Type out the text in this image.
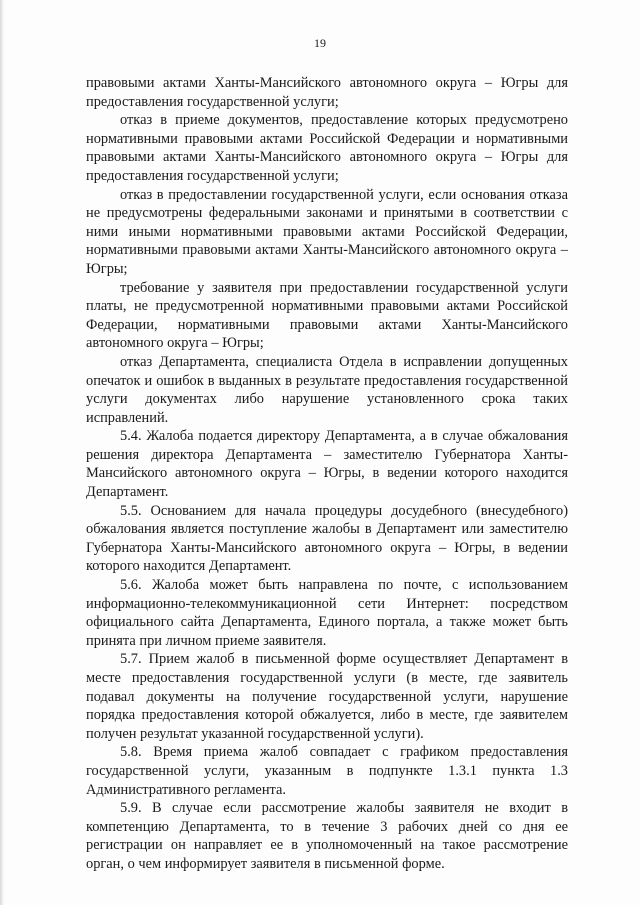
19

правовыми актами Ханты-Мансийского автономного округа – Югры для предоставления государственной услуги;

отказ в приеме документов, предоставление которых предусмотрено нормативными правовыми актами Российской Федерации и нормативными правовыми актами Ханты-Мансийского автономного округа – Югры для предоставления государственной услуги;

отказ в предоставлении государственной услуги, если основания отказа не предусмотрены федеральными законами и принятыми в соответствии с ними иными нормативными правовыми актами Российской Федерации, нормативными правовыми актами Ханты-Мансийского автономного округа – Югры;

требование у заявителя при предоставлении государственной услуги платы, не предусмотренной нормативными правовыми актами Российской Федерации, нормативными правовыми актами Ханты-Мансийского автономного округа – Югры;

отказ Департамента, специалиста Отдела в исправлении допущенных опечаток и ошибок в выданных в результате предоставления государственной услуги документах либо нарушение установленного срока таких исправлений.

5.4. Жалоба подается директору Департамента, а в случае обжалования решения директора Департамента – заместителю Губернатора Ханты-Мансийского автономного округа – Югры, в ведении которого находится Департамент.

5.5. Основанием для начала процедуры досудебного (внесудебного) обжалования является поступление жалобы в Департамент или заместителю Губернатора Ханты-Мансийского автономного округа – Югры, в ведении которого находится Департамент.

5.6. Жалоба может быть направлена по почте, с использованием информационно-телекоммуникационной сети Интернет: посредством официального сайта Департамента, Единого портала, а также может быть принята при личном приеме заявителя.

5.7. Прием жалоб в письменной форме осуществляет Департамент в месте предоставления государственной услуги (в месте, где заявитель подавал документы на получение государственной услуги, нарушение порядка предоставления которой обжалуется, либо в месте, где заявителем получен результат указанной государственной услуги).

5.8. Время приема жалоб совпадает с графиком предоставления государственной услуги, указанным в подпункте 1.3.1 пункта 1.3 Административного регламента.

5.9. В случае если рассмотрение жалобы заявителя не входит в компетенцию Департамента, то в течение 3 рабочих дней со дня ее регистрации он направляет ее в уполномоченный на такое рассмотрение орган, о чем информирует заявителя в письменной форме.
